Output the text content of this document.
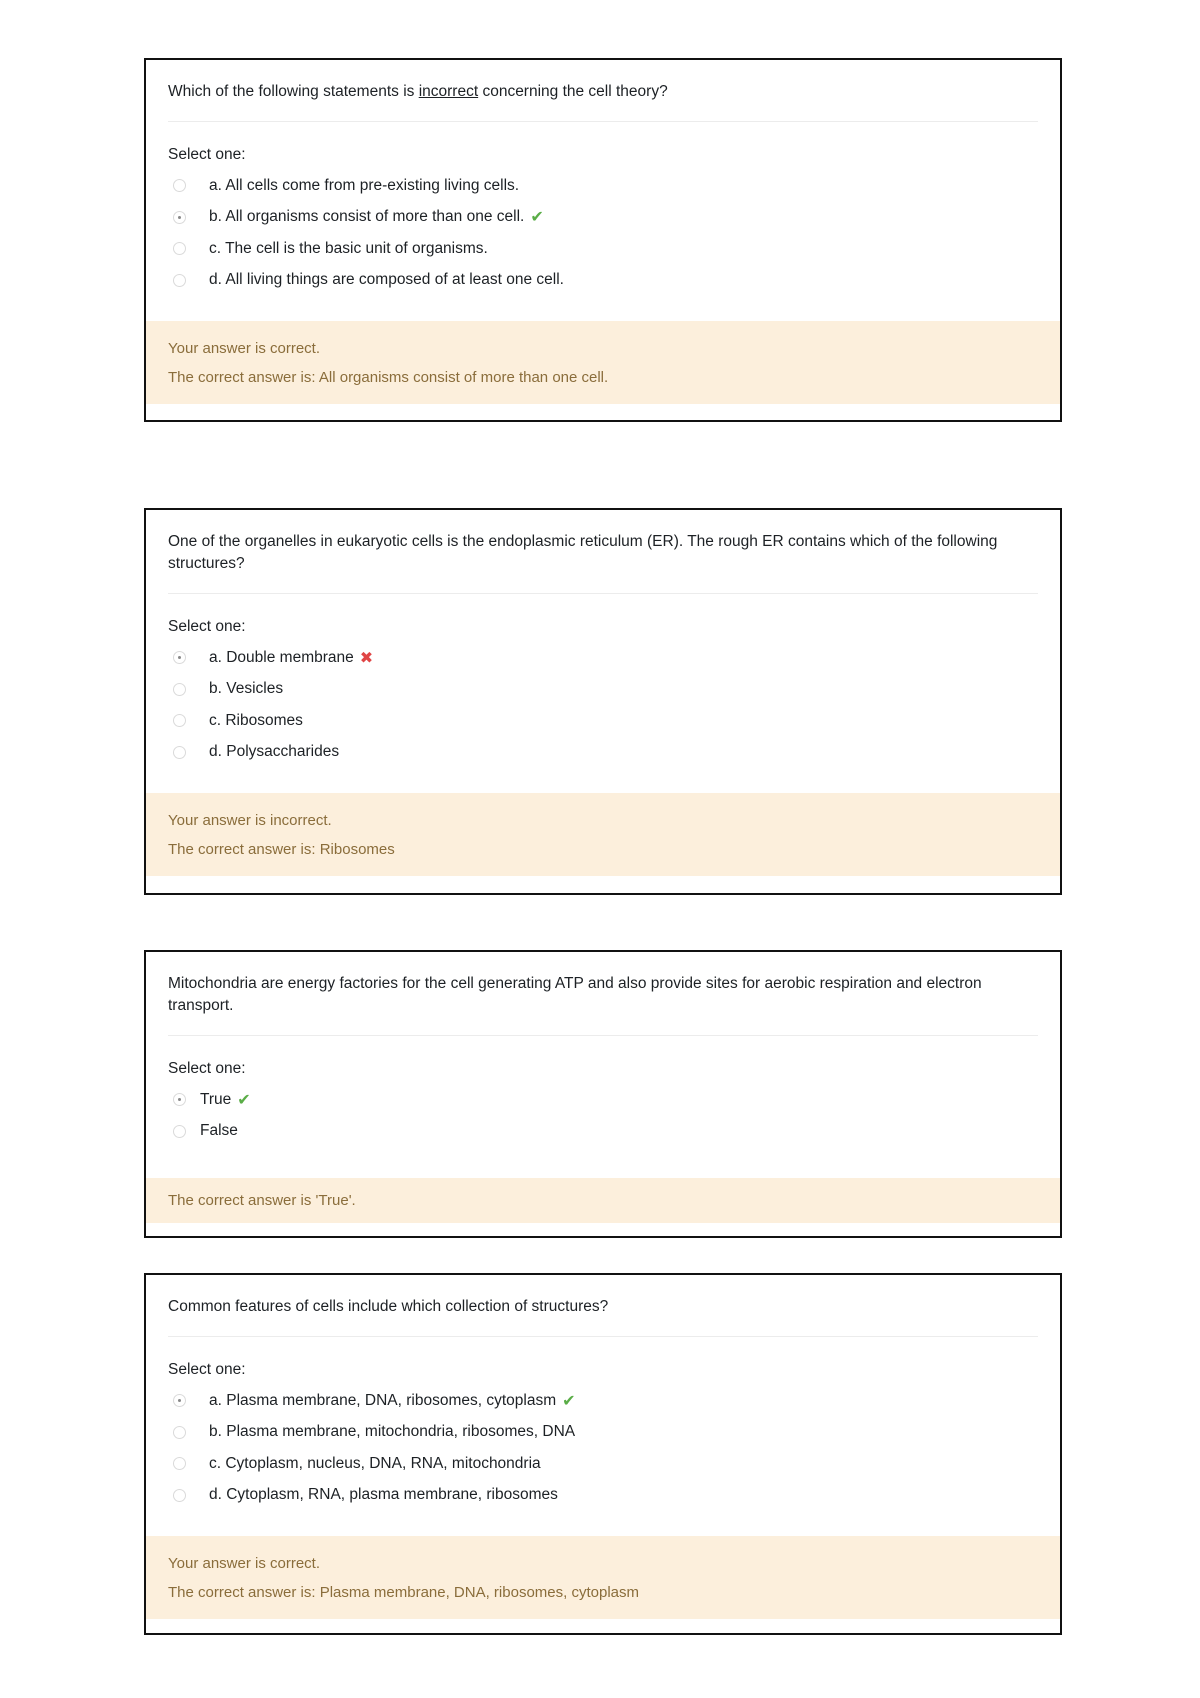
Which of the following statements is incorrect concerning the cell theory?
Select one:
a. All cells come from pre-existing living cells.
b. All organisms consist of more than one cell. ✔
c. The cell is the basic unit of organisms.
d. All living things are composed of at least one cell.
Your answer is correct.
The correct answer is: All organisms consist of more than one cell.
One of the organelles in eukaryotic cells is the endoplasmic reticulum (ER). The rough ER contains which of the following structures?
Select one:
a. Double membrane ✖
b. Vesicles
c. Ribosomes
d. Polysaccharides
Your answer is incorrect.
The correct answer is: Ribosomes
Mitochondria are energy factories for the cell generating ATP and also provide sites for aerobic respiration and electron transport.
Select one:
True ✔
False
The correct answer is 'True'.
Common features of cells include which collection of structures?
Select one:
a. Plasma membrane, DNA, ribosomes, cytoplasm ✔
b. Plasma membrane, mitochondria, ribosomes, DNA
c. Cytoplasm, nucleus, DNA, RNA, mitochondria
d. Cytoplasm, RNA, plasma membrane, ribosomes
Your answer is correct.
The correct answer is: Plasma membrane, DNA, ribosomes, cytoplasm
